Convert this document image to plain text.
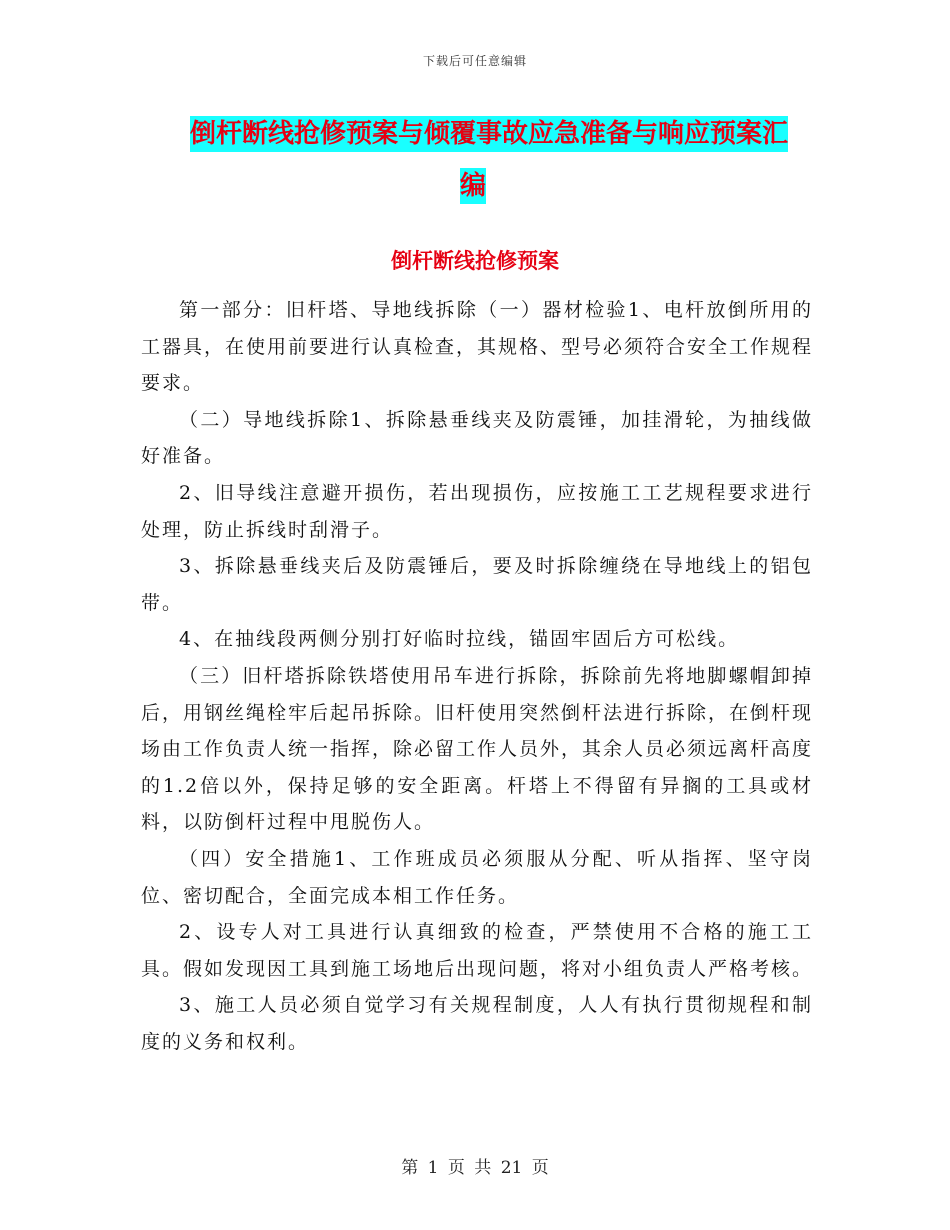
下载后可任意编辑
倒杆断线抢修预案与倾覆事故应急准备与响应预案汇
编
倒杆断线抢修预案

第一部分：旧杆塔、导地线拆除（一）器材检验1、电杆放倒所用的工器具，在使用前要进行认真检查，其规格、型号必须符合安全工作规程要求。

（二）导地线拆除1、拆除悬垂线夹及防震锤，加挂滑轮，为抽线做好准备。

2、旧导线注意避开损伤，若出现损伤，应按施工工艺规程要求进行处理，防止拆线时刮滑子。

3、拆除悬垂线夹后及防震锤后，要及时拆除缠绕在导地线上的铝包带。

4、在抽线段两侧分别打好临时拉线，锚固牢固后方可松线。

（三）旧杆塔拆除铁塔使用吊车进行拆除，拆除前先将地脚螺帽卸掉后，用钢丝绳栓牢后起吊拆除。旧杆使用突然倒杆法进行拆除，在倒杆现场由工作负责人统一指挥，除必留工作人员外，其余人员必须远离杆高度的1.2倍以外，保持足够的安全距离。杆塔上不得留有异搁的工具或材料，以防倒杆过程中甩脱伤人。

（四）安全措施1、工作班成员必须服从分配、听从指挥、坚守岗位、密切配合，全面完成本相工作任务。

2、设专人对工具进行认真细致的检查，严禁使用不合格的施工工具。假如发现因工具到施工场地后出现问题，将对小组负责人严格考核。

3、施工人员必须自觉学习有关规程制度，人人有执行贯彻规程和制度的义务和权利。

第 1 页 共 21 页
